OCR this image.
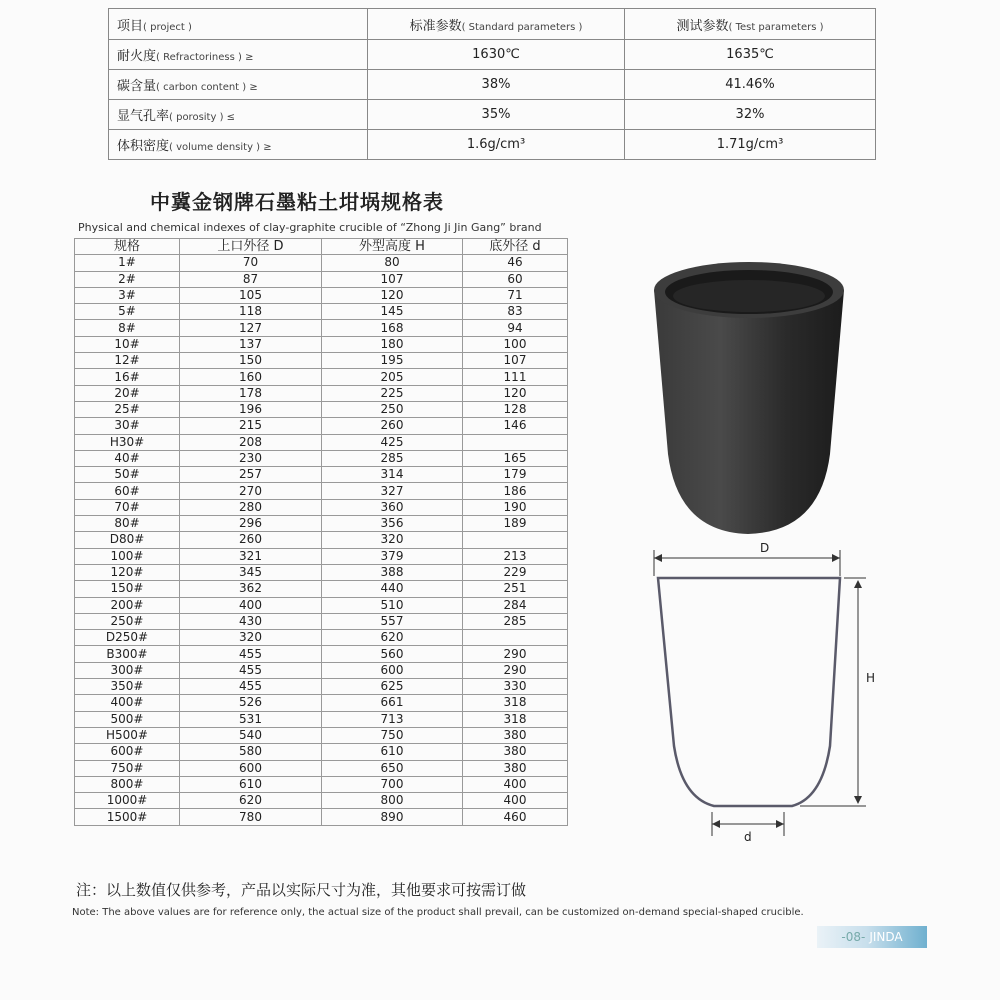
项目( project )	标准参数( Standard parameters )	测试参数( Test parameters )
耐火度( Refractoriness ) ≥	1630℃	1635℃
碳含量( carbon content ) ≥	38%	41.46%
显气孔率( porosity ) ≤	35%	32%
体积密度( volume density ) ≥	1.6g/cm³	1.71g/cm³
中冀金钢牌石墨粘土坩埚规格表
Physical and chemical indexes of clay-graphite crucible of “Zhong Ji Jin Gang” brand
规格	上口外径 D	外型高度 H	底外径 d
1#	70	80	46
2#	87	107	60
3#	105	120	71
5#	118	145	83
8#	127	168	94
10#	137	180	100
12#	150	195	107
16#	160	205	111
20#	178	225	120
25#	196	250	128
30#	215	260	146
H30#	208	425	
40#	230	285	165
50#	257	314	179
60#	270	327	186
70#	280	360	190
80#	296	356	189
D80#	260	320	
100#	321	379	213
120#	345	388	229
150#	362	440	251
200#	400	510	284
250#	430	557	285
D250#	320	620	
B300#	455	560	290
300#	455	600	290
350#	455	625	330
400#	526	661	318
500#	531	713	318
H500#	540	750	380
600#	580	610	380
750#	600	650	380
800#	610	700	400
1000#	620	800	400
1500#	780	890	460
D
H
d
注：以上数值仅供参考，产品以实际尺寸为准，其他要求可按需订做
Note: The above values are for reference only, the actual size of the product shall prevail, can be customized on-demand special-shaped crucible.
-08- JINDA
